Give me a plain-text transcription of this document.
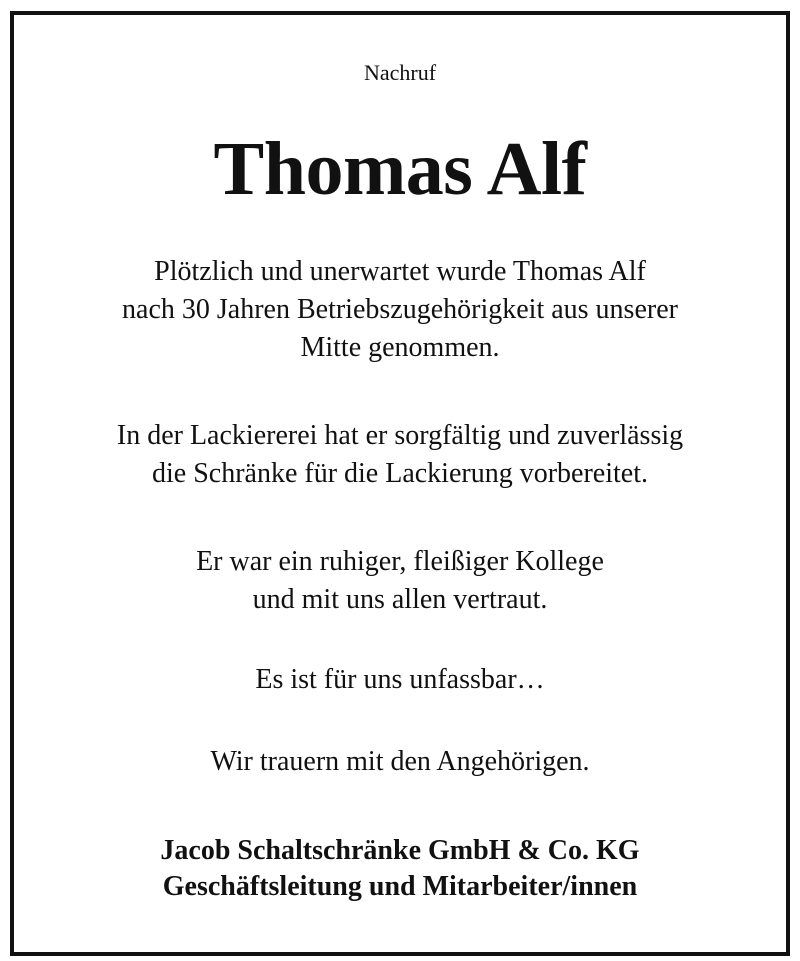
Nachruf
Thomas Alf
Plötzlich und unerwartet wurde Thomas Alf
nach 30 Jahren Betriebszugehörigkeit aus unserer
Mitte genommen.
In der Lackiererei hat er sorgfältig und zuverlässig
die Schränke für die Lackierung vorbereitet.
Er war ein ruhiger, fleißiger Kollege
und mit uns allen vertraut.
Es ist für uns unfassbar…
Wir trauern mit den Angehörigen.
Jacob Schaltschränke GmbH & Co. KG
Geschäftsleitung und Mitarbeiter/innen
